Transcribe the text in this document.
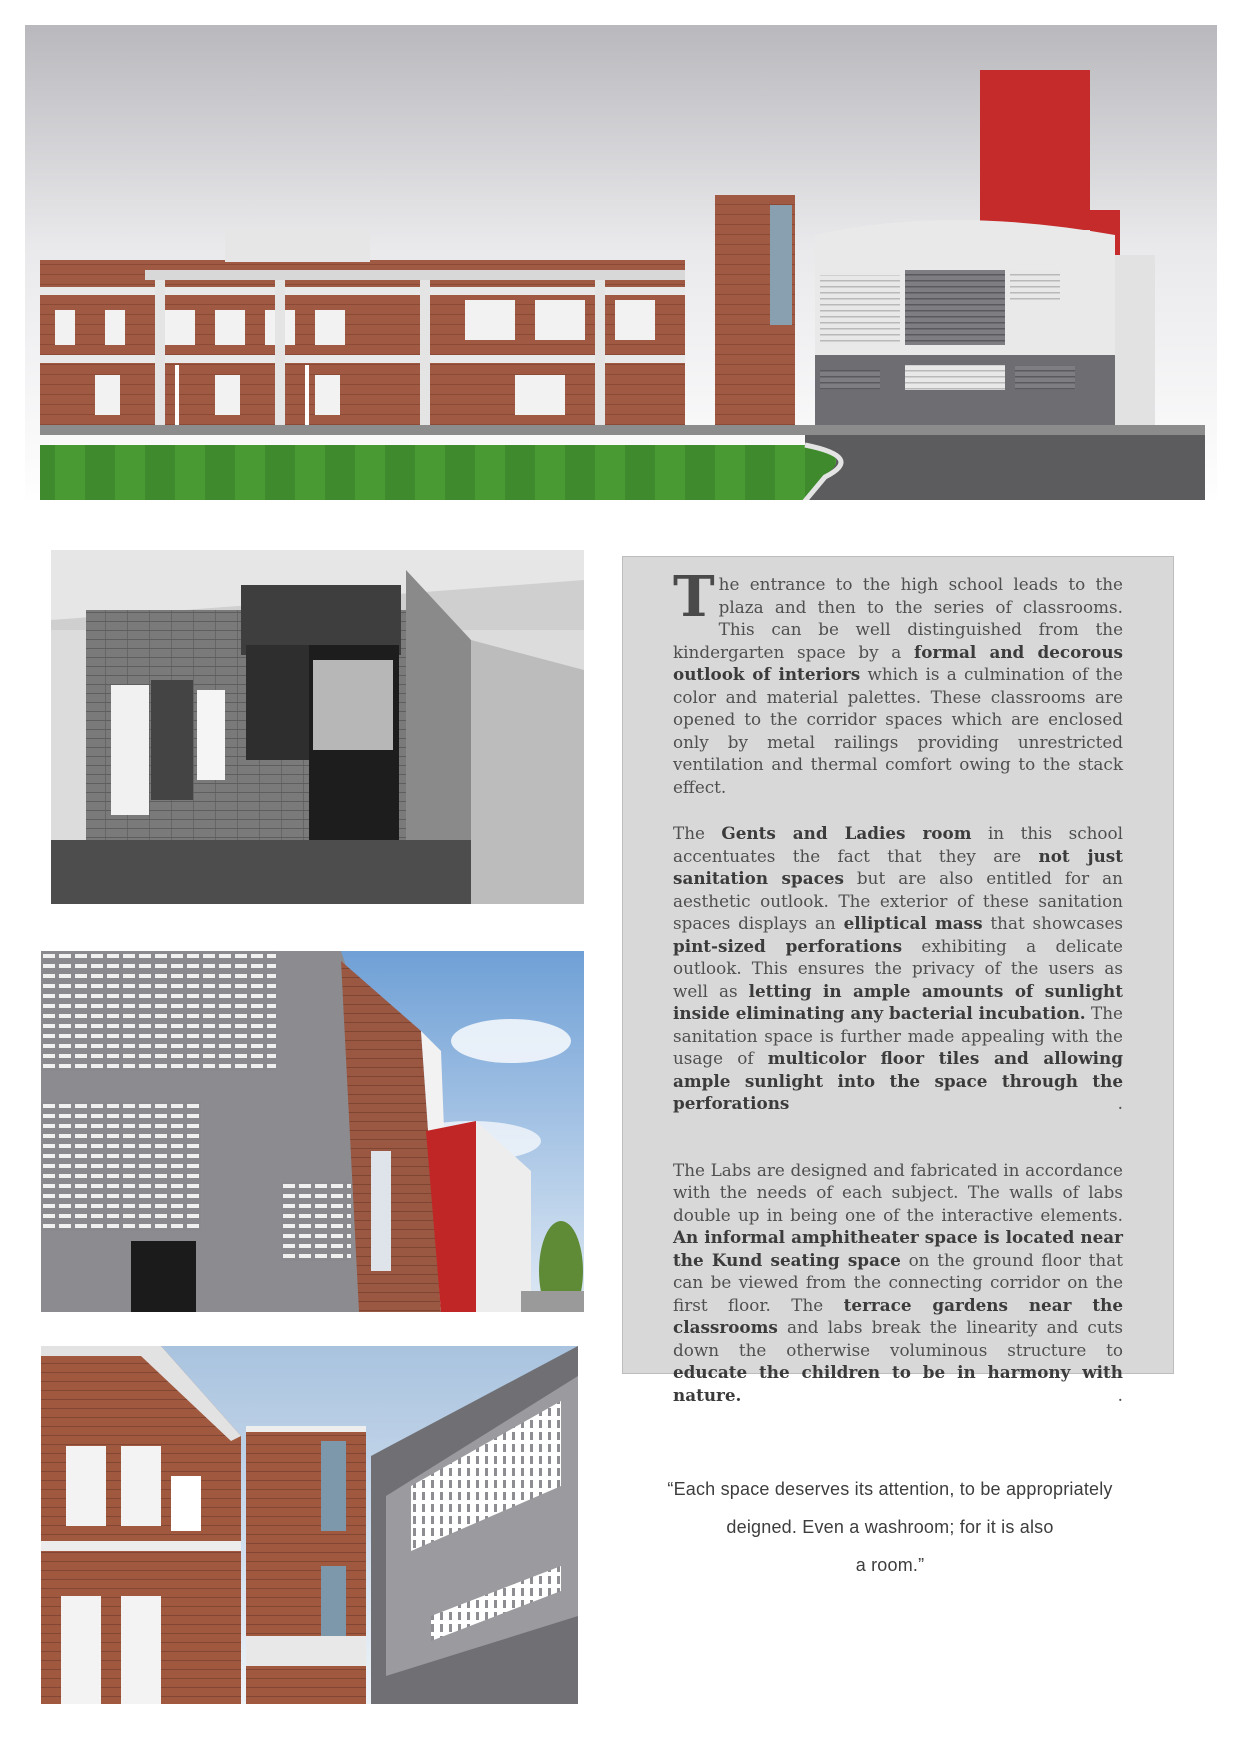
The entrance to the high school leads to the plaza and then to the series of classrooms. This can be well distinguished from the kindergarten space by a formal and decorous outlook of interiors which is a culmination of the color and material palettes. These classrooms are opened to the corridor spaces which are enclosed only by metal railings providing unrestricted ventilation and thermal comfort owing to the stack effect.

The Gents and Ladies room in this school accentuates the fact that they are not just sanitation spaces but are also entitled for an aesthetic outlook. The exterior of these sanitation spaces displays an elliptical mass that showcases pint-sized perforations exhibiting a delicate outlook. This ensures the privacy of the users as well as letting in ample amounts of sunlight inside eliminating any bacterial incubation. The sanitation space is further made appealing with the usage of multicolor floor tiles and allowing ample sunlight into the space through the perforations .

The Labs are designed and fabricated in accordance with the needs of each subject. The walls of labs double up in being one of the interactive elements. An informal amphitheater space is located near the Kund seating space on the ground floor that can be viewed from the connecting corridor on the first floor. The terrace gardens near the classrooms and labs break the linearity and cuts down the otherwise voluminous structure to educate the children to be in harmony with nature. .

“Each space deserves its attention, to be appropriately
deigned. Even a washroom; for it is also
a room.”
